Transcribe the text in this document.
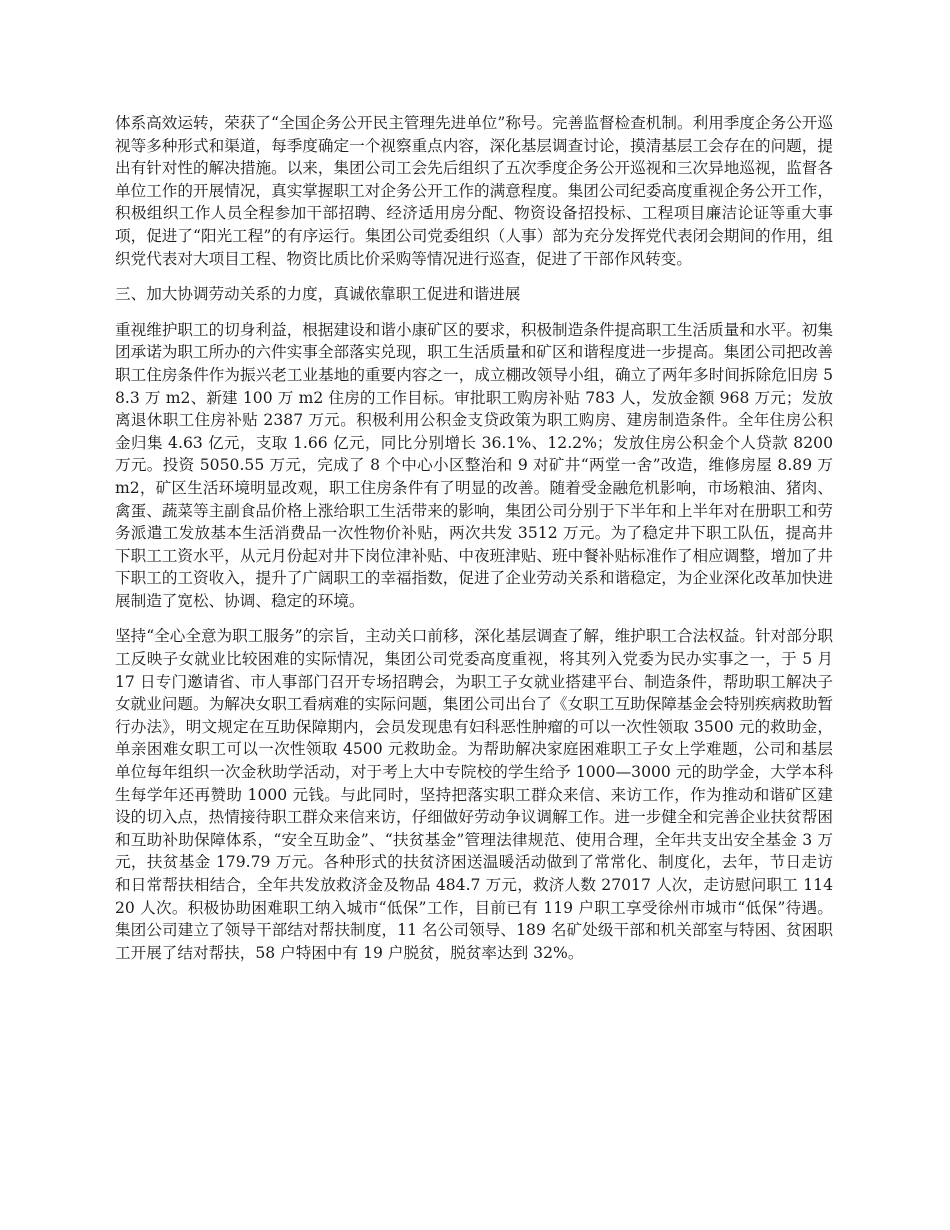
体系高效运转，荣获了“全国企务公开民主管理先进单位”称号。完善监督检查机制。利用季度企务公开巡视等多种形式和渠道，每季度确定一个视察重点内容，深化基层调查讨论，摸清基层工会存在的问题，提出有针对性的解决措施。以来，集团公司工会先后组织了五次季度企务公开巡视和三次异地巡视，监督各单位工作的开展情况，真实掌握职工对企务公开工作的满意程度。集团公司纪委高度重视企务公开工作，积极组织工作人员全程参加干部招聘、经济适用房分配、物资设备招投标、工程项目廉洁论证等重大事项，促进了“阳光工程”的有序运行。集团公司党委组织（人事）部为充分发挥党代表闭会期间的作用，组织党代表对大项目工程、物资比质比价采购等情况进行巡查，促进了干部作风转变。

三、加大协调劳动关系的力度，真诚依靠职工促进和谐进展

重视维护职工的切身利益，根据建设和谐小康矿区的要求，积极制造条件提高职工生活质量和水平。初集团承诺为职工所办的六件实事全部落实兑现，职工生活质量和矿区和谐程度进一步提高。集团公司把改善职工住房条件作为振兴老工业基地的重要内容之一，成立棚改领导小组，确立了两年多时间拆除危旧房 58.3 万 m2、新建 100 万 m2 住房的工作目标。审批职工购房补贴 783 人，发放金额 968 万元；发放离退休职工住房补贴 2387 万元。积极利用公积金支贷政策为职工购房、建房制造条件。全年住房公积金归集 4.63 亿元，支取 1.66 亿元，同比分别增长 36.1%、12.2%；发放住房公积金个人贷款 8200 万元。投资 5050.55 万元，完成了 8 个中心小区整治和 9 对矿井“两堂一舍”改造，维修房屋 8.89 万 m2，矿区生活环境明显改观，职工住房条件有了明显的改善。随着受金融危机影响，市场粮油、猪肉、禽蛋、蔬菜等主副食品价格上涨给职工生活带来的影响，集团公司分别于下半年和上半年对在册职工和劳务派遣工发放基本生活消费品一次性物价补贴，两次共发 3512 万元。为了稳定井下职工队伍，提高井下职工工资水平，从元月份起对井下岗位津补贴、中夜班津贴、班中餐补贴标准作了相应调整，增加了井下职工的工资收入，提升了广阔职工的幸福指数，促进了企业劳动关系和谐稳定，为企业深化改革加快进展制造了宽松、协调、稳定的环境。

坚持“全心全意为职工服务”的宗旨，主动关口前移，深化基层调查了解，维护职工合法权益。针对部分职工反映子女就业比较困难的实际情况，集团公司党委高度重视，将其列入党委为民办实事之一，于 5 月 17 日专门邀请省、市人事部门召开专场招聘会，为职工子女就业搭建平台、制造条件，帮助职工解决子女就业问题。为解决女职工看病难的实际问题，集团公司出台了《女职工互助保障基金会特别疾病救助暂行办法》，明文规定在互助保障期内，会员发现患有妇科恶性肿瘤的可以一次性领取 3500 元的救助金，单亲困难女职工可以一次性领取 4500 元救助金。为帮助解决家庭困难职工子女上学难题，公司和基层单位每年组织一次金秋助学活动，对于考上大中专院校的学生给予 1000—3000 元的助学金，大学本科生每学年还再赞助 1000 元钱。与此同时，坚持把落实职工群众来信、来访工作，作为推动和谐矿区建设的切入点，热情接待职工群众来信来访，仔细做好劳动争议调解工作。进一步健全和完善企业扶贫帮困和互助补助保障体系，“安全互助金”、“扶贫基金”管理法律规范、使用合理，全年共支出安全基金 3 万元，扶贫基金 179.79 万元。各种形式的扶贫济困送温暖活动做到了常常化、制度化，去年，节日走访和日常帮扶相结合，全年共发放救济金及物品 484.7 万元，救济人数 27017 人次，走访慰问职工 11420 人次。积极协助困难职工纳入城市“低保”工作，目前已有 119 户职工享受徐州市城市“低保”待遇。集团公司建立了领导干部结对帮扶制度，11 名公司领导、189 名矿处级干部和机关部室与特困、贫困职工开展了结对帮扶，58 户特困中有 19 户脱贫，脱贫率达到 32%。
